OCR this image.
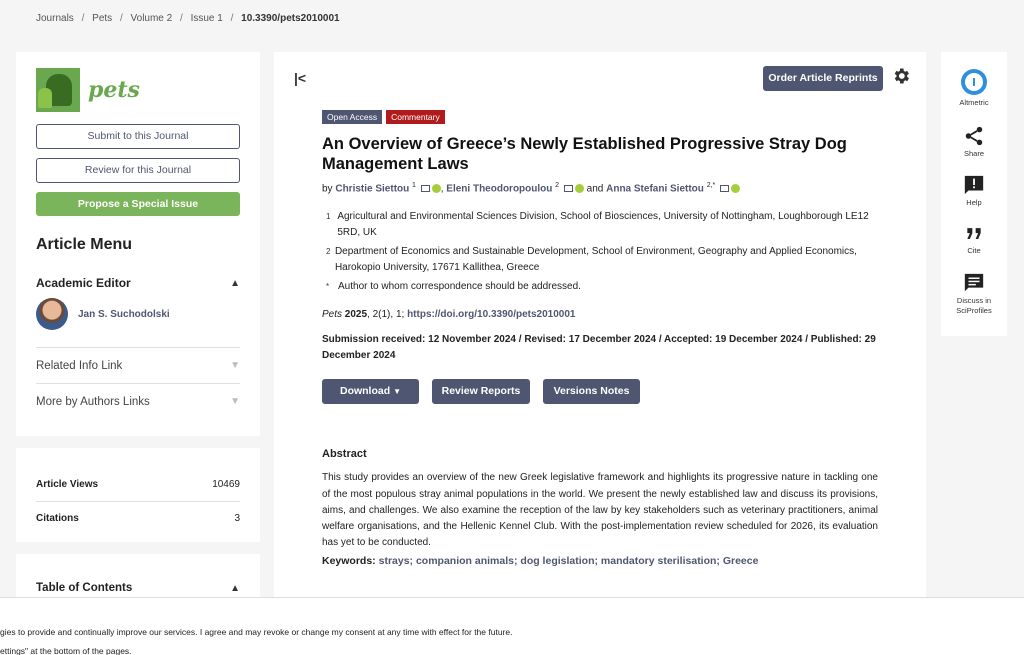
Journals / Pets / Volume 2 / Issue 1 / 10.3390/pets2010001
pets
Submit to this Journal
Review for this Journal
Propose a Special Issue
Article Menu
Academic Editor	▲
Jan S. Suchodolski
Related Info Link	▼
More by Authors Links	▼
Article Views	10469
Citations	3
Table of Contents	▲
|<	Order Article Reprints
Open Access	Commentary
An Overview of Greece’s Newly Established Progressive Stray Dog Management Laws
by Christie Siettou $^1$ , Eleni Theodoropoulou $^2$	and Anna Stefani Siettou $^{2,*}$
1 Agricultural and Environmental Sciences Division, School of Biosciences, University of Nottingham, Loughborough LE12 5RD, UK
2 Department of Economics and Sustainable Development, School of Environment, Geography and Applied Economics, Harokopio University, 17671 Kallithea, Greece
* Author to whom correspondence should be addressed.
Pets 2025, 2(1), 1; https://doi.org/10.3390/pets2010001
Submission received: 12 November 2024 / Revised: 17 December 2024 / Accepted: 19 December 2024 / Published: 29 December 2024
Download ▼	Review Reports	Versions Notes
Abstract
This study provides an overview of the new Greek legislative framework and highlights its progressive nature in tackling one of the most populous stray animal populations in the world. We present the newly established law and discuss its provisions, aims, and challenges. We also examine the reception of the law by key stakeholders such as veterinary practitioners, animal welfare organisations, and the Hellenic Kennel Club. With the post-implementation review scheduled for 2026, its evaluation has yet to be conducted.
Keywords: strays; companion animals; dog legislation; mandatory sterilisation; Greece
Altmetric
Share
Help
Cite
Discuss in SciProfiles
gies to provide and continually improve our services. I agree and may revoke or change my consent at any time with effect for the future.
ettings" at the bottom of the pages.
